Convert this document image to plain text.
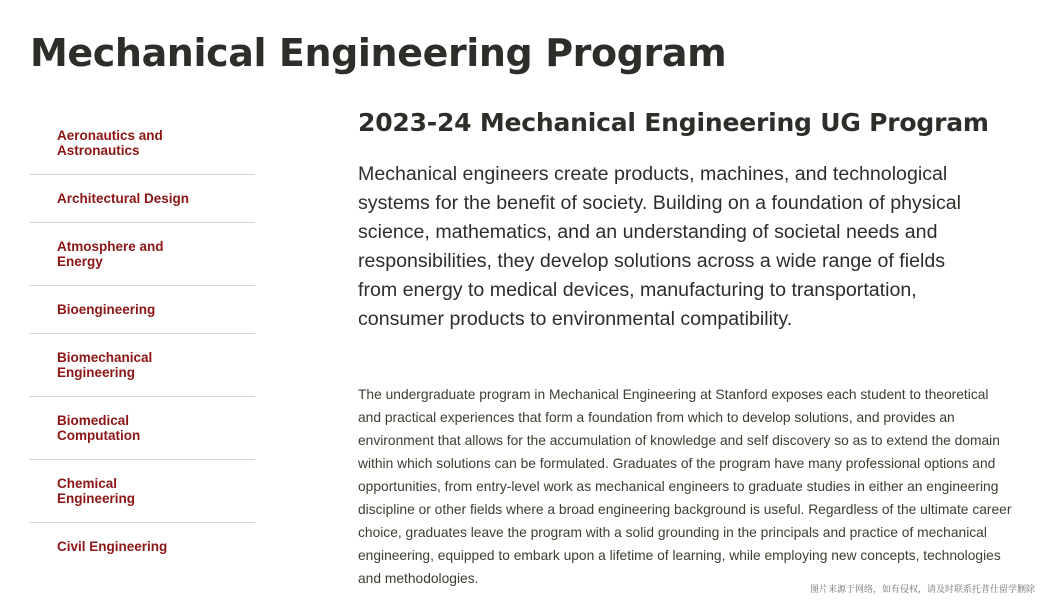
Mechanical Engineering Program
Aeronautics and Astronautics
Architectural Design
Atmosphere and Energy
Bioengineering
Biomechanical Engineering
Biomedical Computation
Chemical Engineering
Civil Engineering
2023-24 Mechanical Engineering UG Program

Mechanical engineers create products, machines, and technological systems for the benefit of society. Building on a foundation of physical science, mathematics, and an understanding of societal needs and responsibilities, they develop solutions across a wide range of fields from energy to medical devices, manufacturing to transportation, consumer products to environmental compatibility.

The undergraduate program in Mechanical Engineering at Stanford exposes each student to theoretical and practical experiences that form a foundation from which to develop solutions, and provides an environment that allows for the accumulation of knowledge and self discovery so as to extend the domain within which solutions can be formulated. Graduates of the program have many professional options and opportunities, from entry-level work as mechanical engineers to graduate studies in either an engineering discipline or other fields where a broad engineering background is useful. Regardless of the ultimate career choice, graduates leave the program with a solid grounding in the principals and practice of mechanical engineering, equipped to embark upon a lifetime of learning, while employing new concepts, technologies and methodologies.

图片来源于网络，如有侵权，请及时联系托普仕留学删除
